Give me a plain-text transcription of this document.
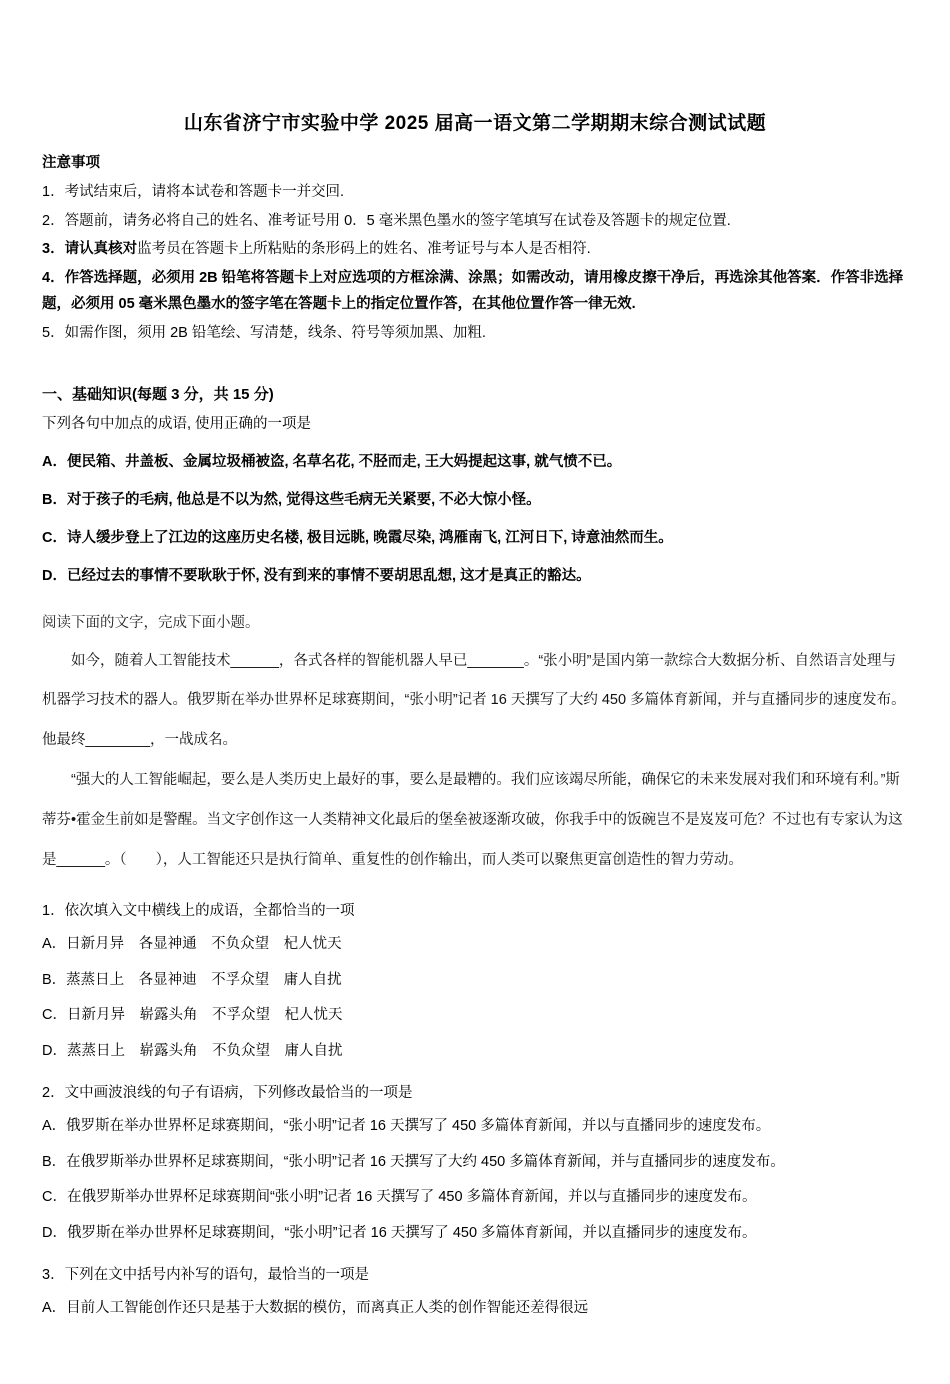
山东省济宁市实验中学 2025 届高一语文第二学期期末综合测试试题

注意事项

1．考试结束后，请将本试卷和答题卡一并交回.

2．答题前，请务必将自己的姓名、准考证号用 0．5 毫米黑色墨水的签字笔填写在试卷及答题卡的规定位置.

3．请认真核对监考员在答题卡上所粘贴的条形码上的姓名、准考证号与本人是否相符.

4．作答选择题，必须用 2B 铅笔将答题卡上对应选项的方框涂满、涂黑；如需改动，请用橡皮擦干净后，再选涂其他答案．作答非选择题，必须用 05 毫米黑色墨水的签字笔在答题卡上的指定位置作答，在其他位置作答一律无效.

5．如需作图，须用 2B 铅笔绘、写清楚，线条、符号等须加黑、加粗.

一、基础知识(每题 3 分，共 15 分)

下列各句中加点的成语, 使用正确的一项是

A．便民箱、井盖板、金属垃圾桶被盗, 名草名花, 不胫而走, 王大妈提起这事, 就气愤不已。

B．对于孩子的毛病, 他总是不以为然, 觉得这些毛病无关紧要, 不必大惊小怪。

C．诗人缓步登上了江边的这座历史名楼, 极目远眺, 晚霞尽染, 鸿雁南飞, 江河日下, 诗意油然而生。

D．已经过去的事情不要耿耿于怀, 没有到来的事情不要胡思乱想, 这才是真正的豁达。

阅读下面的文字，完成下面小题。

如今，随着人工智能技术______，各式各样的智能机器人早已_______。“张小明”是国内第一款综合大数据分析、自然语言处理与机器学习技术的器人。俄罗斯在举办世界杯足球赛期间，“张小明”记者 16 天撰写了大约 450 多篇体育新闻，并与直播同步的速度发布。他最终________，一战成名。

“强大的人工智能崛起，要么是人类历史上最好的事，要么是最糟的。我们应该竭尽所能，确保它的未来发展对我们和环境有利。”斯蒂芬•霍金生前如是警醒。当文字创作这一人类精神文化最后的堡垒被逐渐攻破，你我手中的饭碗岂不是岌岌可危？不过也有专家认为这是______。（　　），人工智能还只是执行简单、重复性的创作输出，而人类可以聚焦更富创造性的智力劳动。

1．依次填入文中横线上的成语，全都恰当的一项

A．日新月异　各显神通　不负众望　杞人忧天

B．蒸蒸日上　各显神迪　不孚众望　庸人自扰

C．日新月异　崭露头角　不孚众望　杞人忧天

D．蒸蒸日上　崭露头角　不负众望　庸人自扰

2．文中画波浪线的句子有语病，下列修改最恰当的一项是

A．俄罗斯在举办世界杯足球赛期间，“张小明”记者 16 天撰写了 450 多篇体育新闻，并以与直播同步的速度发布。

B．在俄罗斯举办世界杯足球赛期间，“张小明”记者 16 天撰写了大约 450 多篇体育新闻，并与直播同步的速度发布。

C．在俄罗斯举办世界杯足球赛期间“张小明”记者 16 天撰写了 450 多篇体育新闻，并以与直播同步的速度发布。

D．俄罗斯在举办世界杯足球赛期间，“张小明”记者 16 天撰写了 450 多篇体育新闻，并以直播同步的速度发布。

3．下列在文中括号内补写的语句，最恰当的一项是

A．目前人工智能创作还只是基于大数据的模仿，而离真正人类的创作智能还差得很远
